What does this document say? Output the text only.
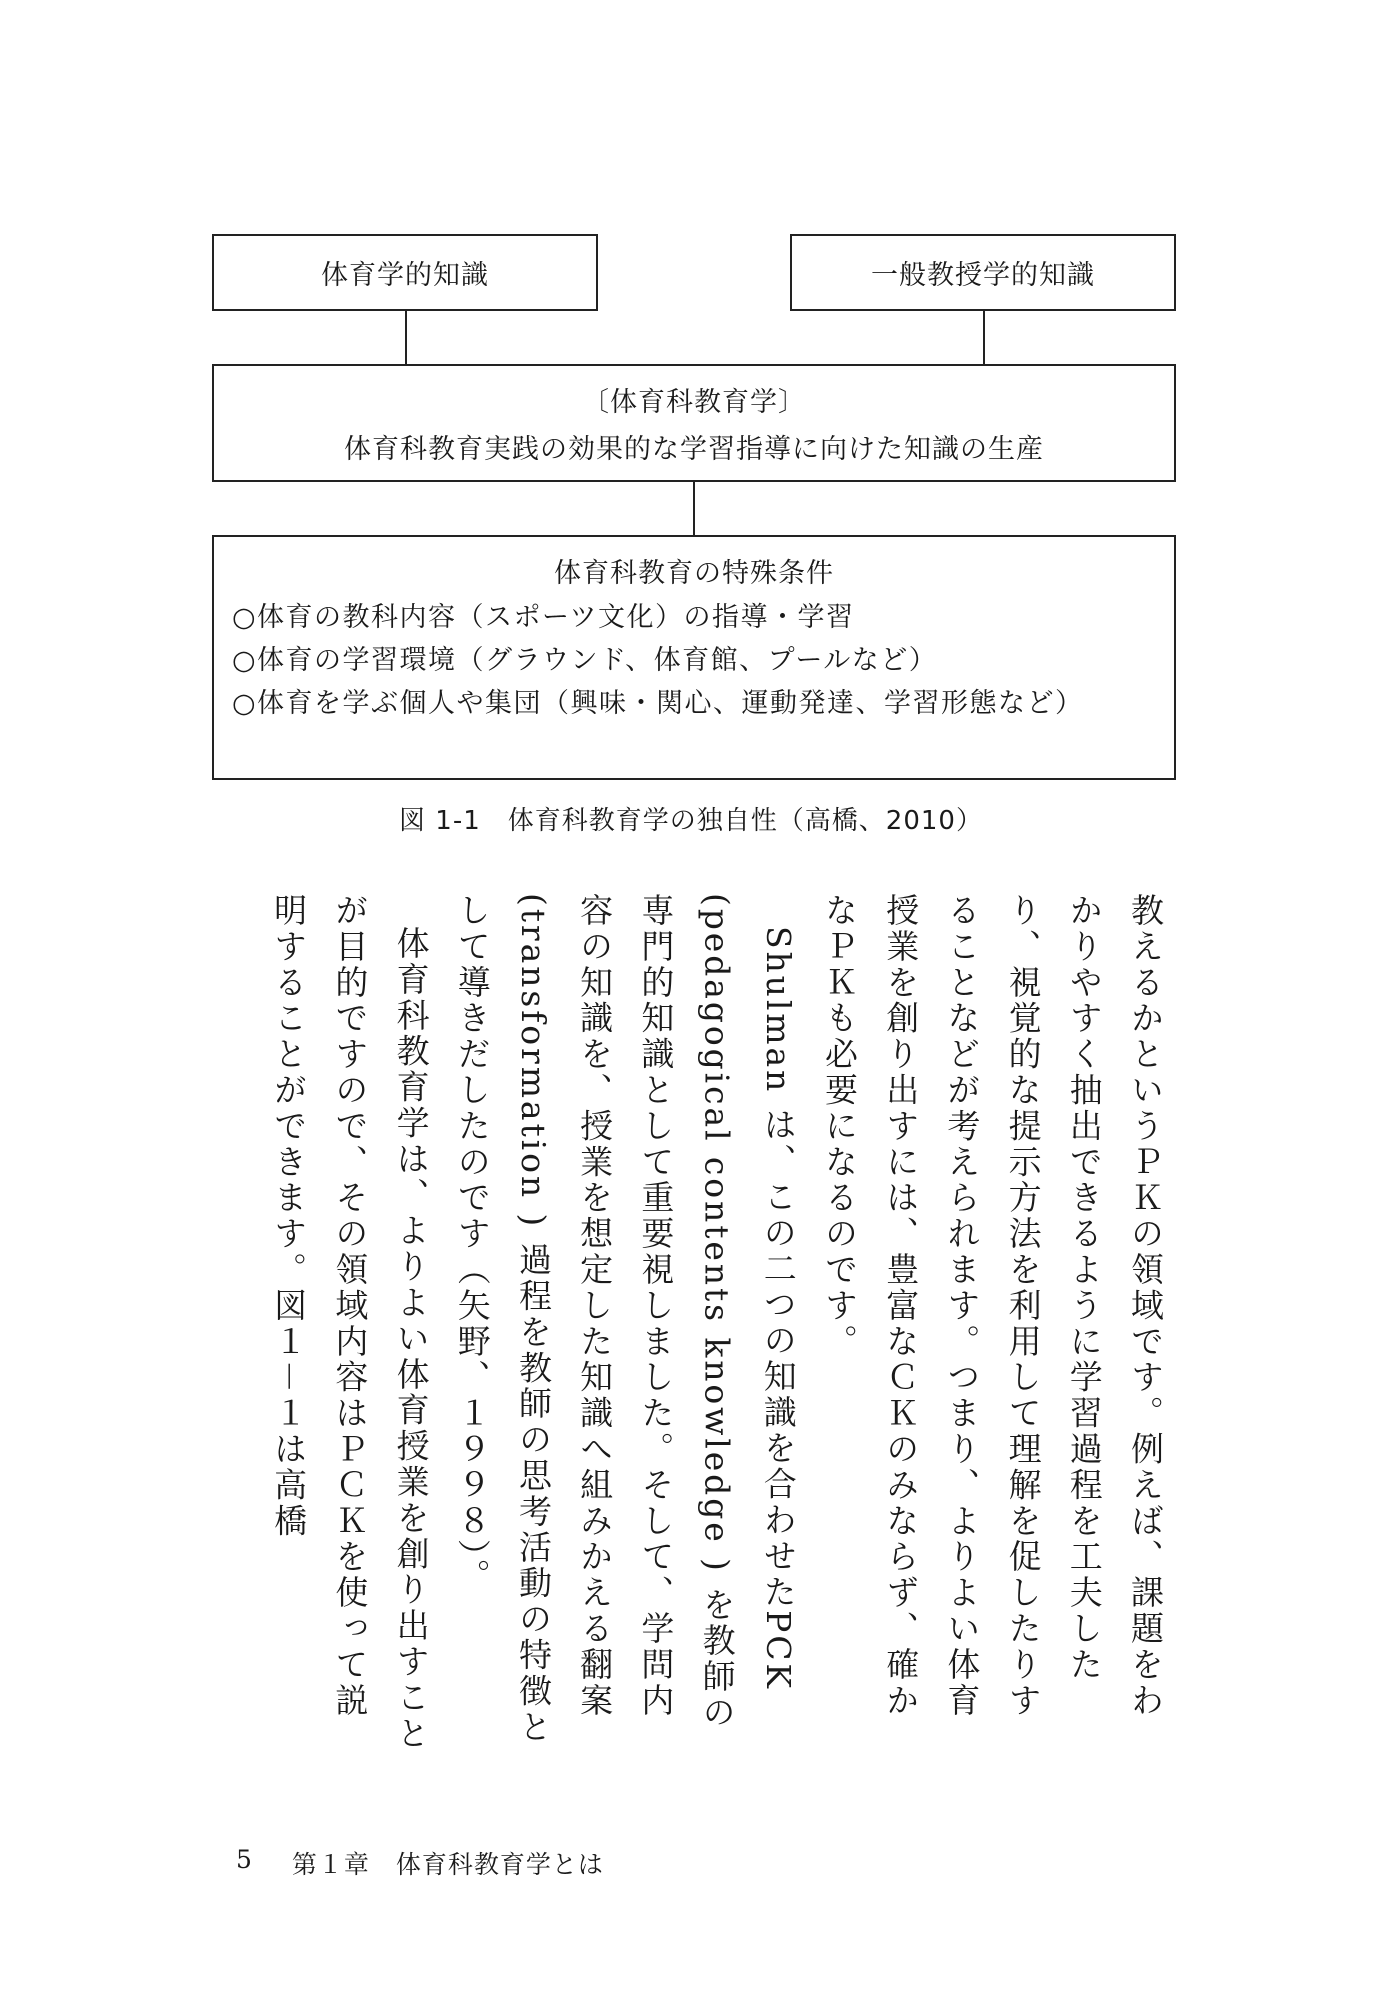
体育学的知識	一般教授学的知識
〔体育科教育学〕
体育科教育実践の効果的な学習指導に向けた知識の生産
体育科教育の特殊条件
○体育の教科内容（スポーツ文化）の指導・学習
○体育の学習環境（グラウンド、体育館、プールなど）
○体育を学ぶ個人や集団（興味・関心、運動発達、学習形態など）
図 1-1　体育科教育学の独自性（高橋、2010）

教えるかというＰＫの領域です。例えば、課題をわかりやすく抽出できるように学習過程を工夫したり、視覚的な提示方法を利用して理解を促したりすることなどが考えられます。つまり、よりよい体育授業を創り出すには、豊富なＣＫのみならず、確かなＰＫも必要になるのです。

Shulman は、この二つの知識を合わせたPCK (pedagogical contents knowledge ) を教師の専門的知識として重要視しました。そして、学問内容の知識を、授業を想定した知識へ組みかえる翻案 (transformation ) 過程を教師の思考活動の特徴として導きだしたのです（矢野、１９９８）。

体育科教育学は、よりよい体育授業を創り出すことが目的ですので、その領域内容はＰＣＫを使って説明することができます。図１－１は高橋

5 第１章　体育科教育学とは
